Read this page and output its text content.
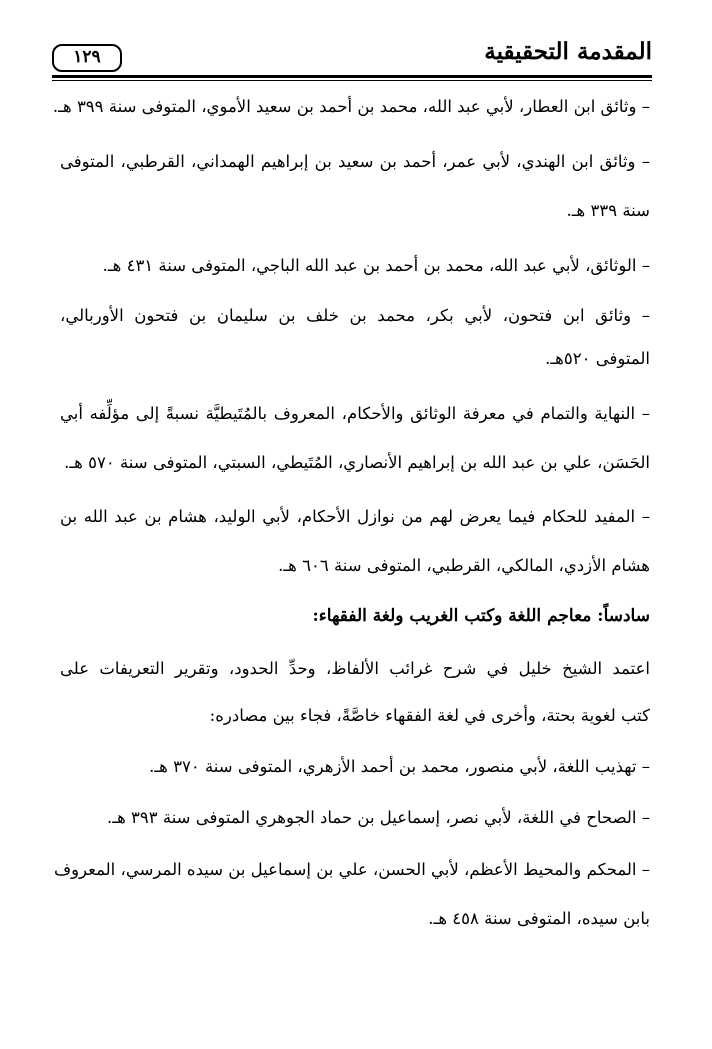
المقدمة التحقيقية
١٢٩
– وثائق ابن العطار، لأبي عبد الله، محمد بن أحمد بن سعيد الأموي، المتوفى سنة ٣٩٩ هـ.
– وثائق ابن الهندي، لأبي عمر، أحمد بن سعيد بن إبراهيم الهمداني، القرطبي، المتوفى
سنة ٣٣٩ هـ.
– الوثائق، لأبي عبد الله، محمد بن أحمد بن عبد الله الباجي، المتوفى سنة ٤٣١ هـ.
– وثائق ابن فتحون، لأبي بكر، محمد بن خلف بن سليمان بن فتحون الأوربالي،
المتوفى ٥٢٠هـ.
– النهاية والتمام في معرفة الوثائق والأحكام، المعروف بالمُتَيطيَّة نسبةً إلى مؤلِّفه أبي
الحَسَن، علي بن عبد الله بن إبراهيم الأنصاري، المُتَيطي، السبتي، المتوفى سنة ٥٧٠ هـ.
– المفيد للحكام فيما يعرض لهم من نوازل الأحكام، لأبي الوليد، هشام بن عبد الله بن
هشام الأزدي، المالكي، القرطبي، المتوفى سنة ٦٠٦ هـ.
سادساً: معاجم اللغة وكتب الغريب ولغة الفقهاء:
اعتمد الشيخ خليل في شرح غرائب الألفاظ، وحدِّ الحدود، وتقرير التعريفات على
كتب لغوية بحتة، وأخرى في لغة الفقهاء خاصَّةً، فجاء بين مصادره:
– تهذيب اللغة، لأبي منصور، محمد بن أحمد الأزهري، المتوفى سنة ٣٧٠ هـ.
– الصحاح في اللغة، لأبي نصر، إسماعيل بن حماد الجوهري المتوفى سنة ٣٩٣ هـ.
– المحكم والمحيط الأعظم، لأبي الحسن، علي بن إسماعيل بن سيده المرسي، المعروف
بابن سيده، المتوفى سنة ٤٥٨ هـ.
